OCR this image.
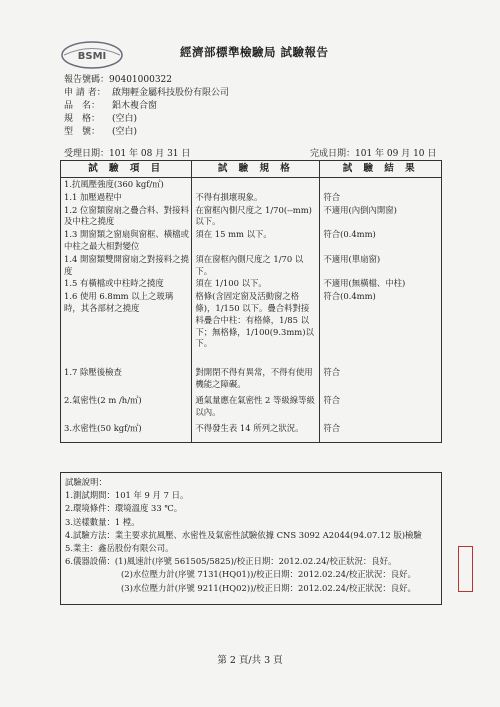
BSMI	經濟部標準檢驗局 試驗報告
報告號碼：90401000322
申 請 者： 啟翔輕金屬科技股份有限公司
品　名： 鋁木複合窗
規　格： (空白)
型　號： (空白)
受理日期：101 年 08 月 31 日	完成日期：101 年 09 月 10 日
試 驗 項 目	試 驗 規 格	試 驗 結 果
1.抗風壓強度(360 kgf/㎡)		
1.1 加壓過程中	不得有損壞現象。	符合
1.2 位窗類窗扇之疊合料、對接料及中柱之撓度	在窗框內側尺度之 1/70(--mm)以下。	不適用(內倒內開窗)
1.3 開窗類之窗扇與窗框、橫檔或中柱之最大相對變位	須在 15 mm 以下。	符合(0.4mm)
1.4 開窗類雙開窗扇之對接料之撓度	須在窗框內側尺度之 1/70 以下。	不適用(單扇窗)
1.5 有橫檔或中柱時之撓度	須在 1/100 以下。	不適用(無橫檔、中柱)
1.6 使用 6.8mm 以上之玻璃時，其各部材之撓度	格條(含固定窗及活動窗之格條)，1/150 以下。疊合料對接料疊合中柱：有格條，1/85 以下；無格條，1/100(9.3mm)以下。	符合(0.4mm)
1.7 除壓後檢查	對開閉不得有異常，不得有使用機能之障礙。	符合
2.氣密性(2 m /h/㎡)	通氣量應在氣密性 2 等級線等級以內。	符合
3.水密性(50 kgf/㎡)	不得發生表 14 所列之狀況。	符合
試驗說明：
1.測試期間：101 年 9 月 7 日。
2.環境條件：環境溫度 33 ℃。
3.送樣數量：1 樘。
4.試驗方法：業主要求抗風壓、水密性及氣密性試驗依據 CNS 3092 A2044(94.07.12 版)檢驗
5.業主：鑫岳股份有限公司。
6.儀器設備：(1)風速計(序號 561505/5825)/校正日期：2012.02.24/校正狀況：良好。
(2)水位壓力計(序號 7131(HQ01))/校正日期：2012.02.24/校正狀況：良好。
(3)水位壓力計(序號 9211(HQ02))/校正日期：2012.02.24/校正狀況：良好。
第 2 頁/共 3 頁
